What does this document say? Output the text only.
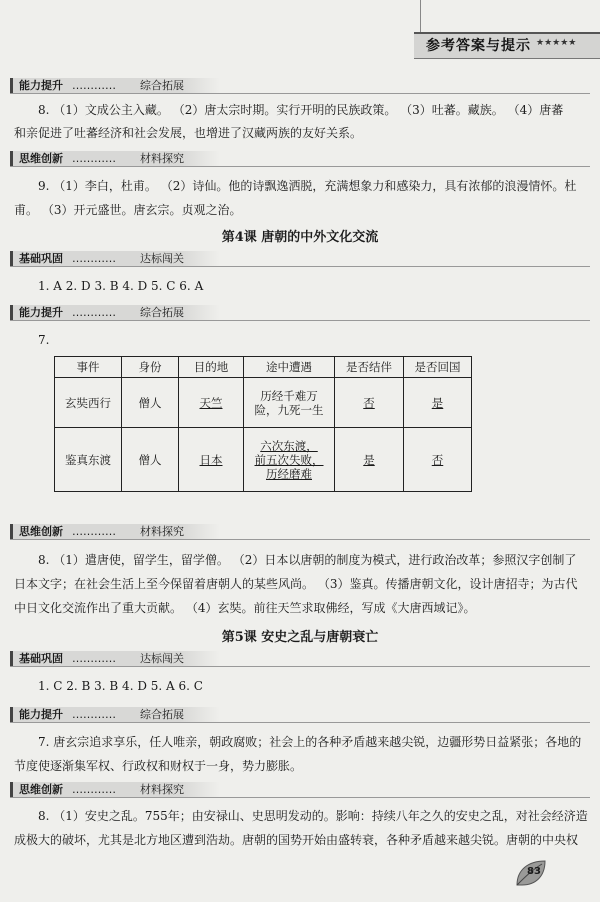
参考答案与提示 ★★★★★
能力提升 ………… 综合拓展
8. （1）文成公主入藏。 （2）唐太宗时期。实行开明的民族政策。 （3）吐蕃。藏族。 （4）唐蕃
和亲促进了吐蕃经济和社会发展，也增进了汉藏两族的友好关系。
思维创新 ………… 材料探究
9. （1）李白，杜甫。 （2）诗仙。他的诗飘逸洒脱，充满想象力和感染力，具有浓郁的浪漫情怀。杜
甫。 （3）开元盛世。唐玄宗。贞观之治。
第4课 唐朝的中外文化交流
基础巩固 ………… 达标闯关
1. A 2. D 3. B 4. D 5. C 6. A
能力提升 ………… 综合拓展
7.
事件	身份	目的地	途中遭遇	是否结伴	是否回国
玄奘西行	僧人	天竺	历经千难万
险，九死一生	否	是
鉴真东渡	僧人	日本	六次东渡，
前五次失败，
历经磨难	是	否
思维创新 ………… 材料探究
8. （1）遣唐使，留学生，留学僧。 （2）日本以唐朝的制度为模式，进行政治改革；参照汉字创制了
日本文字；在社会生活上至今保留着唐朝人的某些风尚。 （3）鉴真。传播唐朝文化，设计唐招寺；为古代
中日文化交流作出了重大贡献。 （4）玄奘。前往天竺求取佛经，写成《大唐西域记》。
第5课 安史之乱与唐朝衰亡
基础巩固 ………… 达标闯关
1. C 2. B 3. B 4. D 5. A 6. C
能力提升 ………… 综合拓展
7. 唐玄宗追求享乐，任人唯亲，朝政腐败；社会上的各种矛盾越来越尖锐，边疆形势日益紧张；各地的
节度使逐渐集军权、行政权和财权于一身，势力膨胀。
思维创新 ………… 材料探究
8. （1）安史之乱。755年；由安禄山、史思明发动的。影响：持续八年之久的安史之乱，对社会经济造
成极大的破坏，尤其是北方地区遭到浩劫。唐朝的国势开始由盛转衰，各种矛盾越来越尖锐。唐朝的中央权
83
